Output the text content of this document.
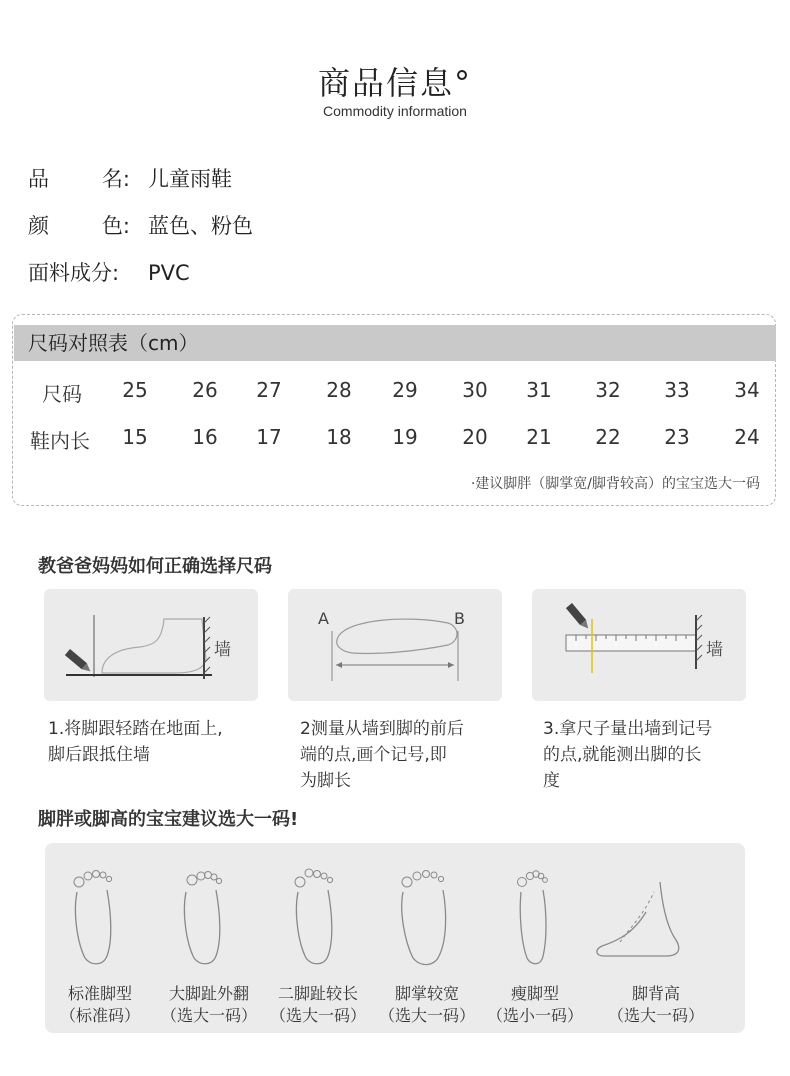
商品信息°
Commodity information
品	名: 儿童雨鞋
颜	色: 蓝色、粉色
面料成分: PVC
尺码对照表（cm）
尺码	25	26	27	28	29	30	31	32	33	34
鞋内长	15	16	17	18	19	20	21	22	23	24
·建议脚胖（脚掌宽/脚背较高）的宝宝选大一码
教爸爸妈妈如何正确选择尺码
墙
A	B
墙
1.将脚跟轻踏在地面上,
脚后跟抵住墙
2测量从墙到脚的前后
端的点,画个记号,即
为脚长
3.拿尺子量出墙到记号
的点,就能测出脚的长
度
脚胖或脚高的宝宝建议选大一码!
标准脚型
（标准码）
大脚趾外翻
（选大一码）
二脚趾较长
（选大一码）
脚掌较宽
（选大一码）
瘦脚型
（选小一码）
脚背高
（选大一码）
